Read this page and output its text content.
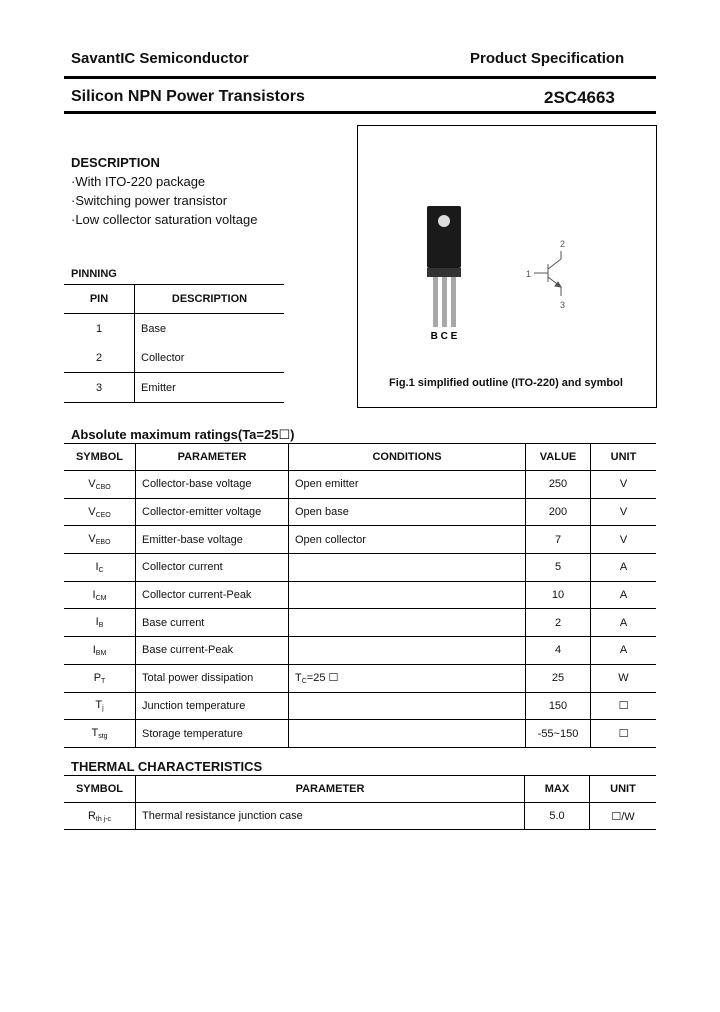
SavantIC Semiconductor	Product Specification
Silicon NPN Power Transistors	2SC4663
DESCRIPTION
·With ITO-220 package
·Switching power transistor
·Low collector saturation voltage
PINNING
PIN	DESCRIPTION
1	Base
2	Collector
3	Emitter
B C E
1
2
3
Fig.1 simplified outline (ITO-220) and symbol
Absolute maximum ratings(Ta=25☐)
SYMBOL	PARAMETER	CONDITIONS	VALUE	UNIT
$V_{CBO}$	Collector-base voltage	Open emitter	250	V
$V_{CEO}$	Collector-emitter voltage	Open base	200	V
$V_{EBO}$	Emitter-base voltage	Open collector	7	V
$I_C$	Collector current		5	A
$I_{CM}$	Collector current-Peak		10	A
$I_B$	Base current		2	A
$I_{BM}$	Base current-Peak		4	A
$P_T$	Total power dissipation	$T_C=25$ ☐	25	W
$T_j$	Junction temperature		150	☐
$T_{stg}$	Storage temperature		-55~150	☐
THERMAL CHARACTERISTICS
SYMBOL	PARAMETER	MAX	UNIT
$R_{th j-c}$	Thermal resistance junction case	5.0	☐/W
